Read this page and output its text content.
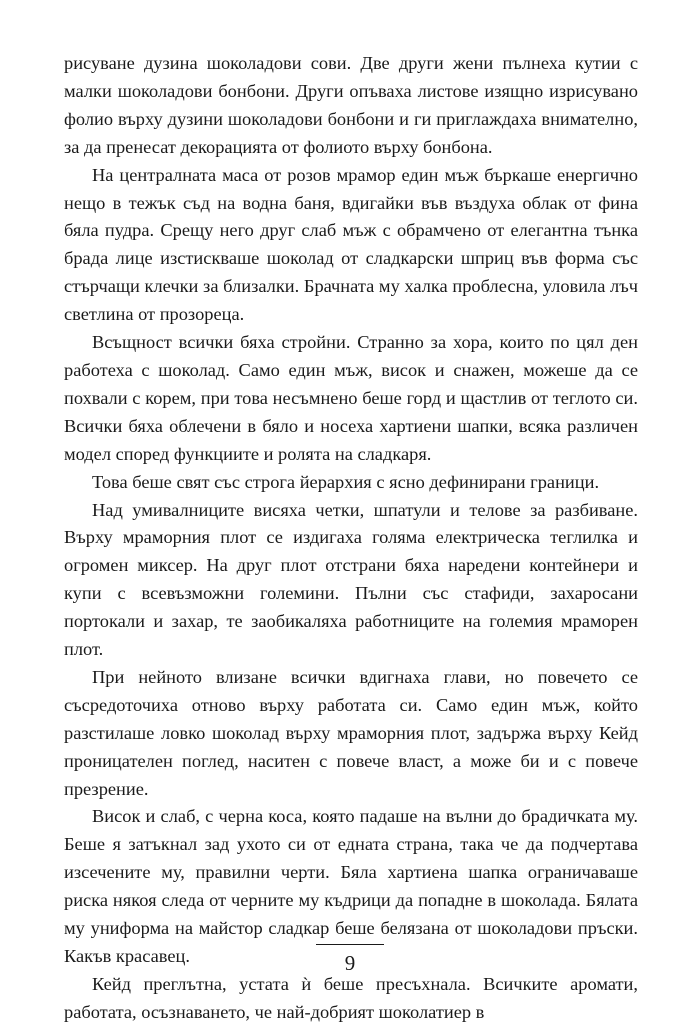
рисуване дузина шоколадови сови. Две други жени пълнеха кутии с малки шоколадови бонбони. Други опъваха листове изящно изрисувано фолио върху дузини шоколадови бонбони и ги приглаждаха внимателно, за да пренесат декорацията от фолиото върху бонбона.

На централната маса от розов мрамор един мъж бъркаше енергично нещо в тежък съд на водна баня, вдигайки във въздуха облак от фина бяла пудра. Срещу него друг слаб мъж с обрамчено от елегантна тънка брада лице изстискваше шоколад от сладкарски шприц във форма със стърчащи клечки за близалки. Брачната му халка проблесна, уловила лъч светлина от прозореца.

Всъщност всички бяха стройни. Странно за хора, които по цял ден работеха с шоколад. Само един мъж, висок и снажен, можеше да се похвали с корем, при това несъмнено беше горд и щастлив от теглото си. Всички бяха облечени в бяло и носеха хартиени шапки, всяка различен модел според функциите и ролята на сладкаря.

Това беше свят със строга йерархия с ясно дефинирани граници.

Над умивалниците висяха четки, шпатули и телове за разбиване. Върху мраморния плот се издигаха голяма електрическа теглилка и огромен миксер. На друг плот отстрани бяха наредени контейнери и купи с всевъзможни големини. Пълни със стафиди, захаросани портокали и захар, те заобикаляха работниците на големия мраморен плот.

При нейното влизане всички вдигнаха глави, но повечето се съсредоточиха отново върху работата си. Само един мъж, който разстилаше ловко шоколад върху мраморния плот, задържа върху Кейд проницателен поглед, наситен с повече власт, а може би и с повече презрение.

Висок и слаб, с черна коса, която падаше на вълни до брадичката му. Беше я затъкнал зад ухото си от едната страна, така че да подчертава изсечените му, правилни черти. Бяла хартиена шапка ограничаваше риска някоя следа от черните му къдрици да попадне в шоколада. Бялата му униформа на майстор сладкар беше белязана от шоколадови пръски. Какъв красавец.

Кейд преглътна, устата ѝ беше пресъхнала. Всичките аромати, работата, осъзнаването, че най-добрият шоколатиер в

9
